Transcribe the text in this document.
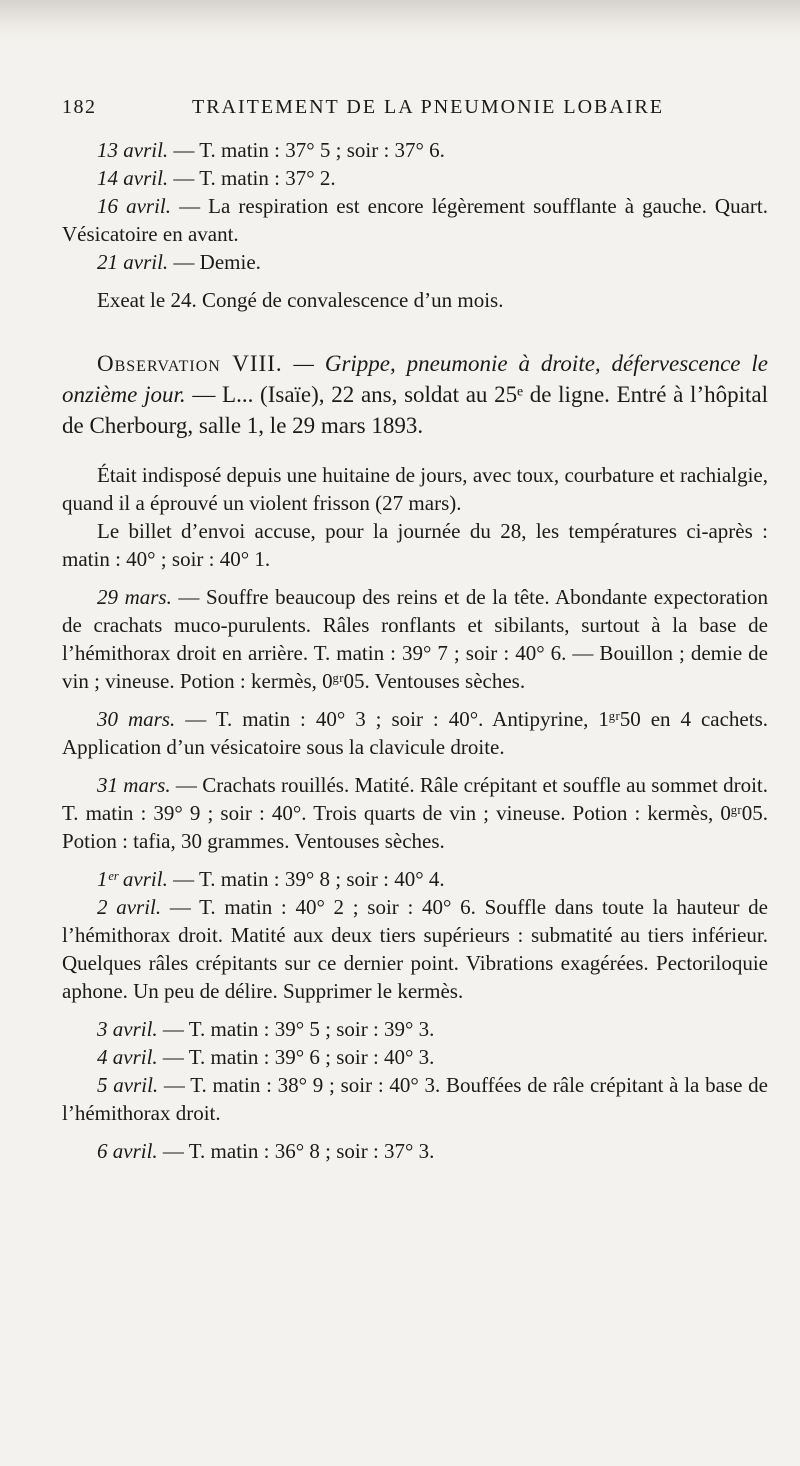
182	TRAITEMENT DE LA PNEUMONIE LOBAIRE

13 avril. — T. matin : 37° 5 ; soir : 37° 6.

14 avril. — T. matin : 37° 2.

16 avril. — La respiration est encore légèrement soufflante à gauche. Quart. Vésicatoire en avant.

21 avril. — Demie.

Exeat le 24. Congé de convalescence d’un mois.

Observation VIII. — Grippe, pneumonie à droite, défervescence le onzième jour. — L... (Isaïe), 22 ans, soldat au 25ᵉ de ligne. Entré à l’hôpital de Cherbourg, salle 1, le 29 mars 1893.

Était indisposé depuis une huitaine de jours, avec toux, courbature et rachialgie, quand il a éprouvé un violent frisson (27 mars).

Le billet d’envoi accuse, pour la journée du 28, les températures ci-après : matin : 40° ; soir : 40° 1.

29 mars. — Souffre beaucoup des reins et de la tête. Abondante expectoration de crachats muco-purulents. Râles ronflants et sibilants, surtout à la base de l’hémithorax droit en arrière. T. matin : 39° 7 ; soir : 40° 6. — Bouillon ; demie de vin ; vineuse. Potion : kermès, 0ᵍʳ05. Ventouses sèches.

30 mars. — T. matin : 40° 3 ; soir : 40°. Antipyrine, 1ᵍʳ50 en 4 cachets. Application d’un vésicatoire sous la clavicule droite.

31 mars. — Crachats rouillés. Matité. Râle crépitant et souffle au sommet droit. T. matin : 39° 9 ; soir : 40°. Trois quarts de vin ; vineuse. Potion : kermès, 0ᵍʳ05. Potion : tafia, 30 grammes. Ventouses sèches.

1ᵉʳ avril. — T. matin : 39° 8 ; soir : 40° 4.

2 avril. — T. matin : 40° 2 ; soir : 40° 6. Souffle dans toute la hauteur de l’hémithorax droit. Matité aux deux tiers supérieurs : submatité au tiers inférieur. Quelques râles crépitants sur ce dernier point. Vibrations exagérées. Pectoriloquie aphone. Un peu de délire. Supprimer le kermès.

3 avril. — T. matin : 39° 5 ; soir : 39° 3.

4 avril. — T. matin : 39° 6 ; soir : 40° 3.

5 avril. — T. matin : 38° 9 ; soir : 40° 3. Bouffées de râle crépitant à la base de l’hémithorax droit.

6 avril. — T. matin : 36° 8 ; soir : 37° 3.
